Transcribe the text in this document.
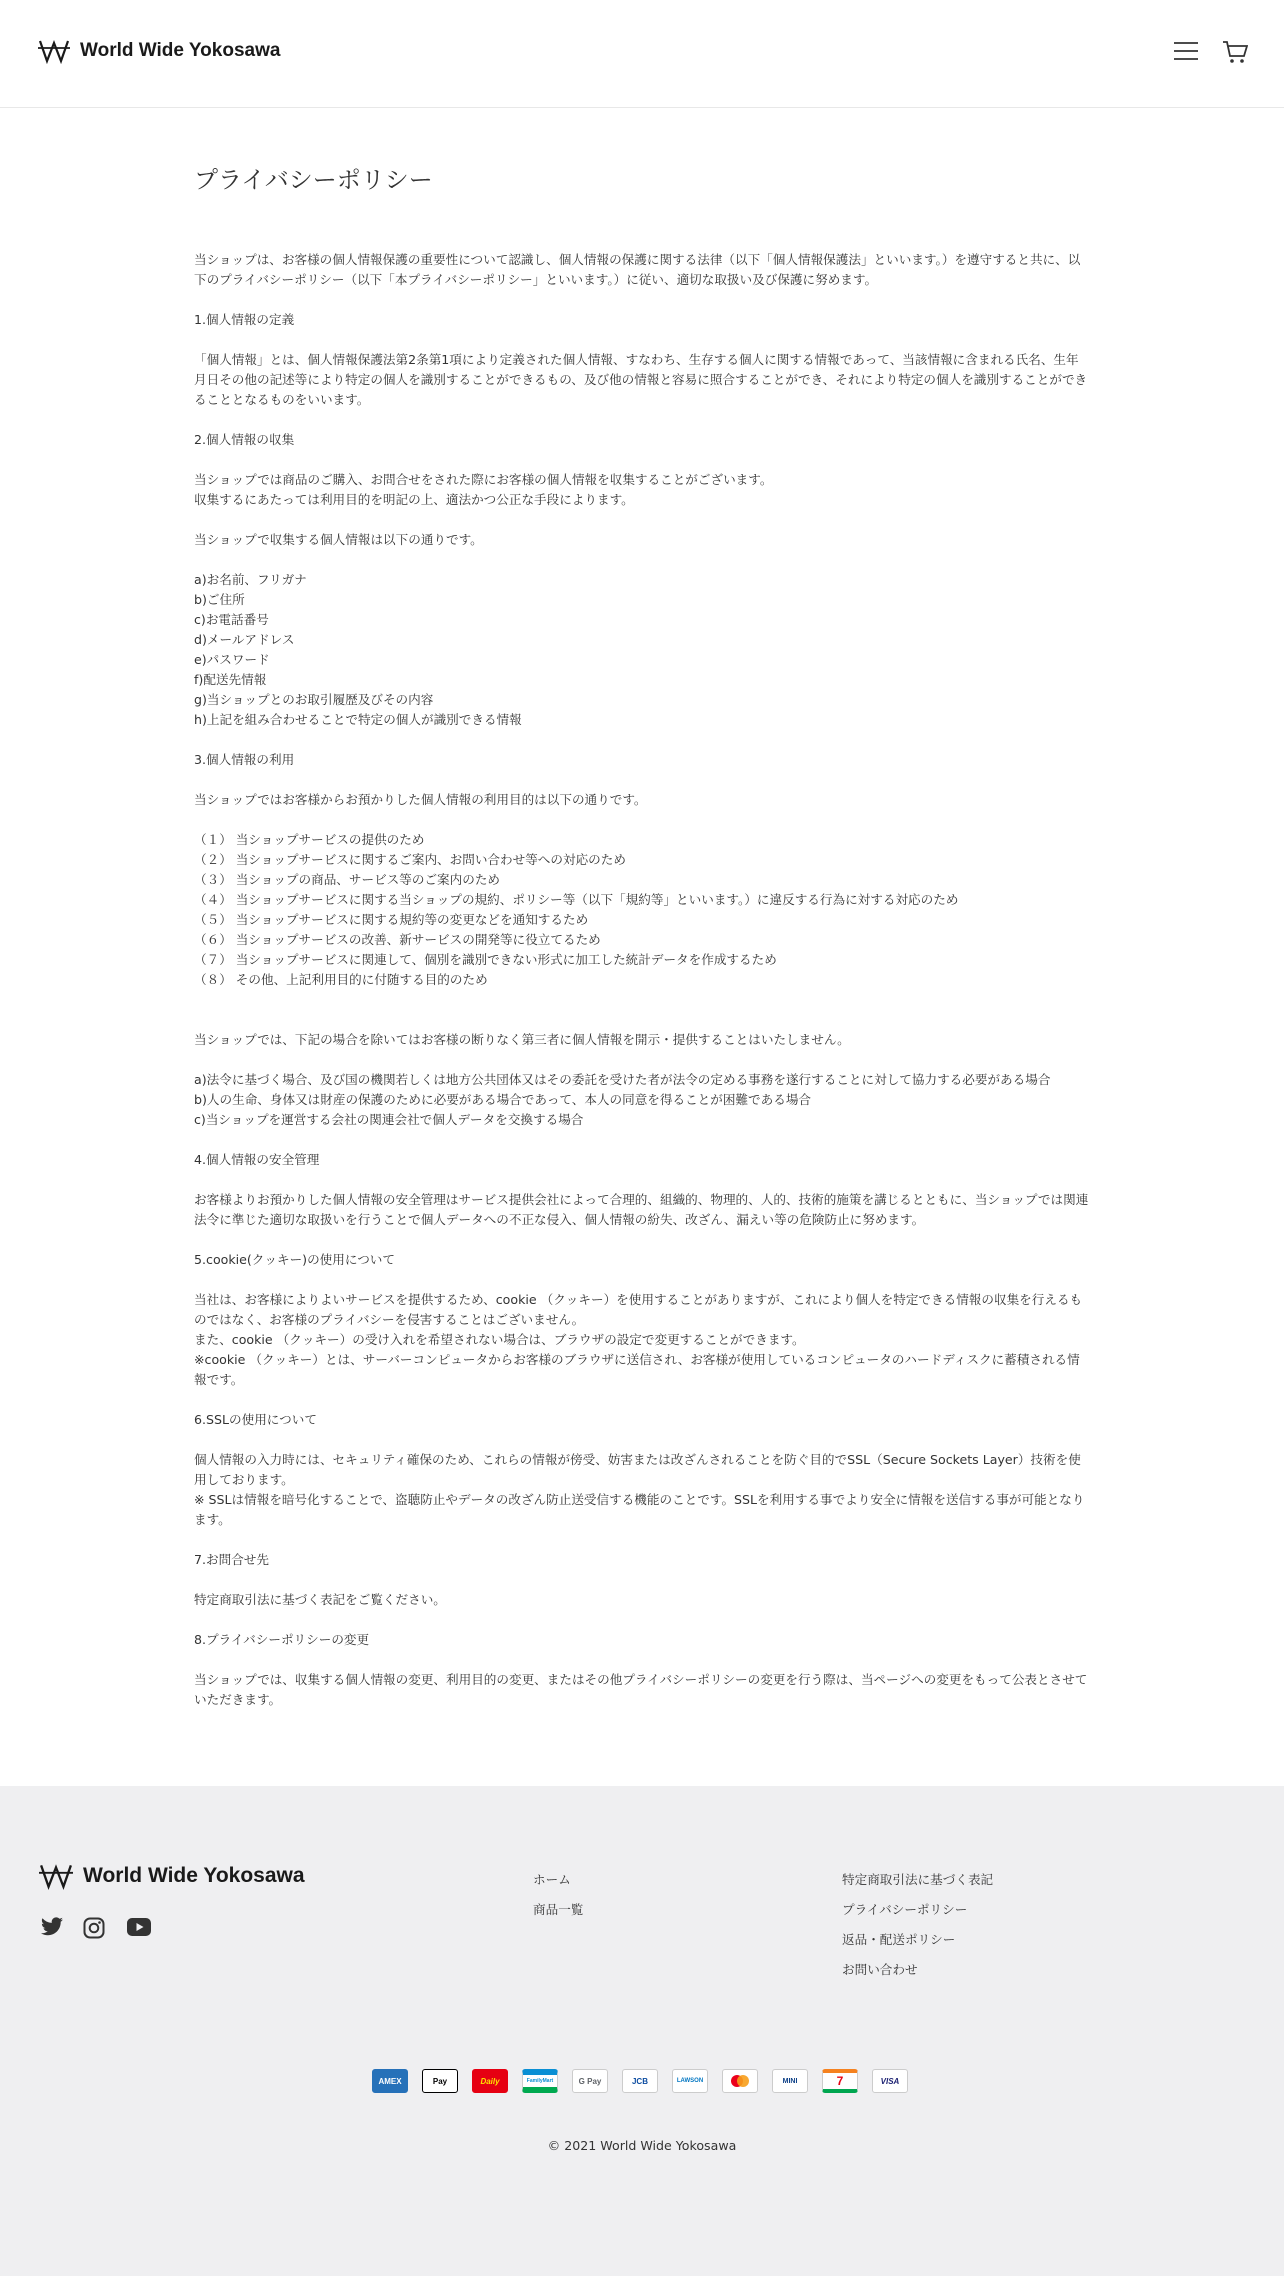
World Wide Yokosawa
プライバシーポリシー

当ショップは、お客様の個人情報保護の重要性について認識し、個人情報の保護に関する法律（以下「個人情報保護法」といいます。）を遵守すると共に、以下のプライバシーポリシー（以下「本プライバシーポリシー」といいます。）に従い、適切な取扱い及び保護に努めます。

1.個人情報の定義

「個人情報」とは、個人情報保護法第2条第1項により定義された個人情報、すなわち、生存する個人に関する情報であって、当該情報に含まれる氏名、生年月日その他の記述等により特定の個人を識別することができるもの、及び他の情報と容易に照合することができ、それにより特定の個人を識別することができることとなるものをいいます。

2.個人情報の収集

当ショップでは商品のご購入、お問合せをされた際にお客様の個人情報を収集することがございます。
収集するにあたっては利用目的を明記の上、適法かつ公正な手段によります。

当ショップで収集する個人情報は以下の通りです。

a)お名前、フリガナ
b)ご住所
c)お電話番号
d)メールアドレス
e)パスワード
f)配送先情報
g)当ショップとのお取引履歴及びその内容
h)上記を組み合わせることで特定の個人が識別できる情報

3.個人情報の利用

当ショップではお客様からお預かりした個人情報の利用目的は以下の通りです。

（１） 当ショップサービスの提供のため
（２） 当ショップサービスに関するご案内、お問い合わせ等への対応のため
（３） 当ショップの商品、サービス等のご案内のため
（４） 当ショップサービスに関する当ショップの規約、ポリシー等（以下「規約等」といいます。）に違反する行為に対する対応のため
（５） 当ショップサービスに関する規約等の変更などを通知するため
（６） 当ショップサービスの改善、新サービスの開発等に役立てるため
（７） 当ショップサービスに関連して、個別を識別できない形式に加工した統計データを作成するため
（８） その他、上記利用目的に付随する目的のため

当ショップでは、下記の場合を除いてはお客様の断りなく第三者に個人情報を開示・提供することはいたしません。

a)法令に基づく場合、及び国の機関若しくは地方公共団体又はその委託を受けた者が法令の定める事務を遂行することに対して協力する必要がある場合
b)人の生命、身体又は財産の保護のために必要がある場合であって、本人の同意を得ることが困難である場合
c)当ショップを運営する会社の関連会社で個人データを交換する場合

4.個人情報の安全管理

お客様よりお預かりした個人情報の安全管理はサービス提供会社によって合理的、組織的、物理的、人的、技術的施策を講じるとともに、当ショップでは関連法令に準じた適切な取扱いを行うことで個人データへの不正な侵入、個人情報の紛失、改ざん、漏えい等の危険防止に努めます。

5.cookie(クッキー)の使用について

当社は、お客様によりよいサービスを提供するため、cookie （クッキー）を使用することがありますが、これにより個人を特定できる情報の収集を行えるものではなく、お客様のプライバシーを侵害することはございません。
また、cookie （クッキー）の受け入れを希望されない場合は、ブラウザの設定で変更することができます。
※cookie （クッキー）とは、サーバーコンピュータからお客様のブラウザに送信され、お客様が使用しているコンピュータのハードディスクに蓄積される情報です。

6.SSLの使用について

個人情報の入力時には、セキュリティ確保のため、これらの情報が傍受、妨害または改ざんされることを防ぐ目的でSSL（Secure Sockets Layer）技術を使用しております。
※ SSLは情報を暗号化することで、盗聴防止やデータの改ざん防止送受信する機能のことです。SSLを利用する事でより安全に情報を送信する事が可能となります。

7.お問合せ先

特定商取引法に基づく表記をご覧ください。

8.プライバシーポリシーの変更

当ショップでは、収集する個人情報の変更、利用目的の変更、またはその他プライバシーポリシーの変更を行う際は、当ページへの変更をもって公表とさせていただきます。

World Wide Yokosawa	ホーム
商品一覧
特定商取引法に基づく表記
プライバシーポリシー
返品・配送ポリシー
お問い合わせ
AMEX	Pay	Daily	FamilyMart	G Pay	JCB	LAWSON	MINI	7	VISA
© 2021 World Wide Yokosawa
